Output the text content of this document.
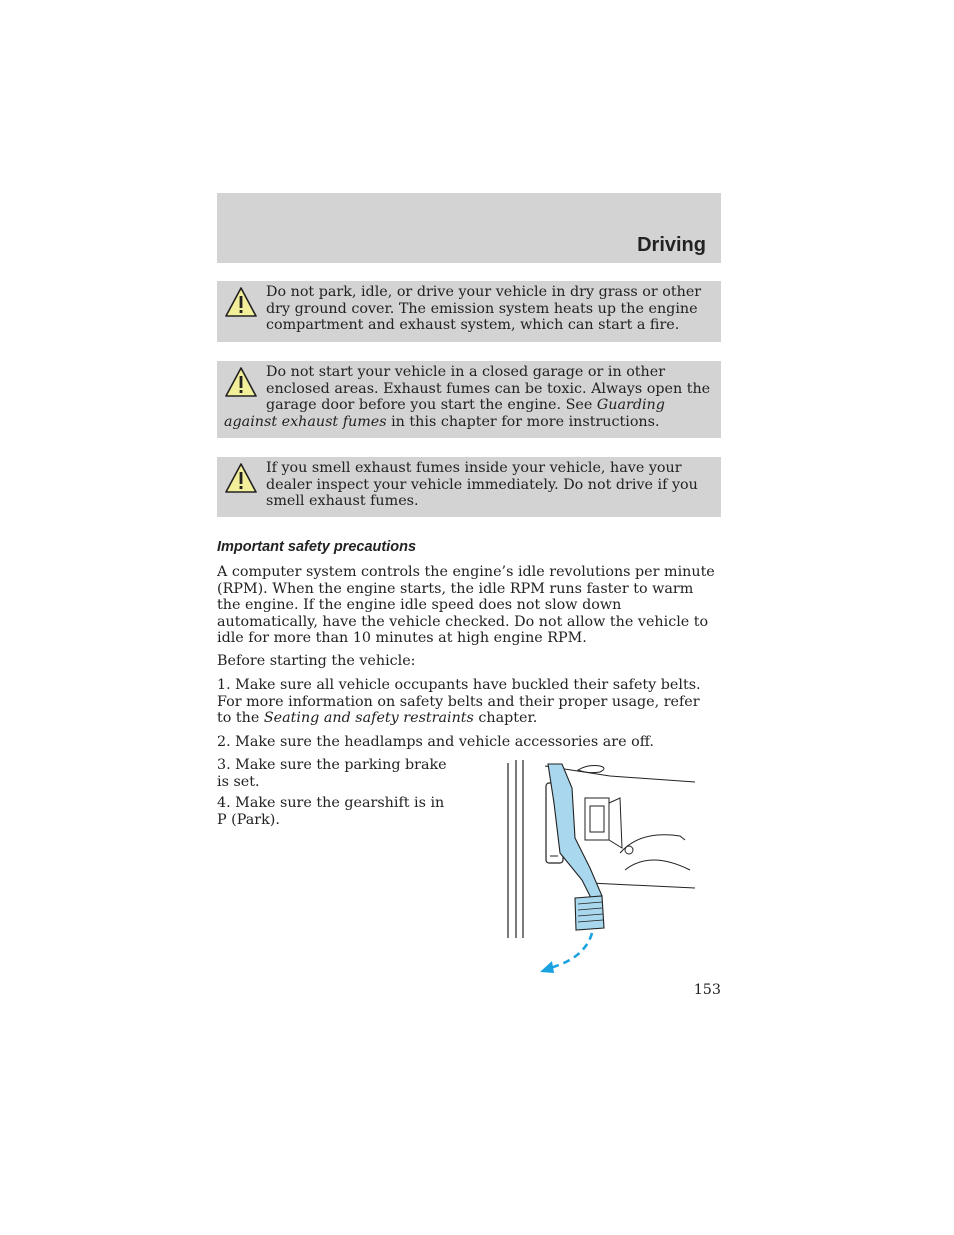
Driving

Do not park, idle, or drive your vehicle in dry grass or other dry ground cover. The emission system heats up the engine compartment and exhaust system, which can start a fire.

Do not start your vehicle in a closed garage or in other enclosed areas. Exhaust fumes can be toxic. Always open the garage door before you start the engine. See Guarding against exhaust fumes in this chapter for more instructions.

If you smell exhaust fumes inside your vehicle, have your dealer inspect your vehicle immediately. Do not drive if you smell exhaust fumes.

Important safety precautions

A computer system controls the engine’s idle revolutions per minute (RPM). When the engine starts, the idle RPM runs faster to warm the engine. If the engine idle speed does not slow down automatically, have the vehicle checked. Do not allow the vehicle to idle for more than 10 minutes at high engine RPM.

Before starting the vehicle:

1. Make sure all vehicle occupants have buckled their safety belts. For more information on safety belts and their proper usage, refer to the Seating and safety restraints chapter.

2. Make sure the headlamps and vehicle accessories are off.

3. Make sure the parking brake is set.

4. Make sure the gearshift is in P (Park).

153
